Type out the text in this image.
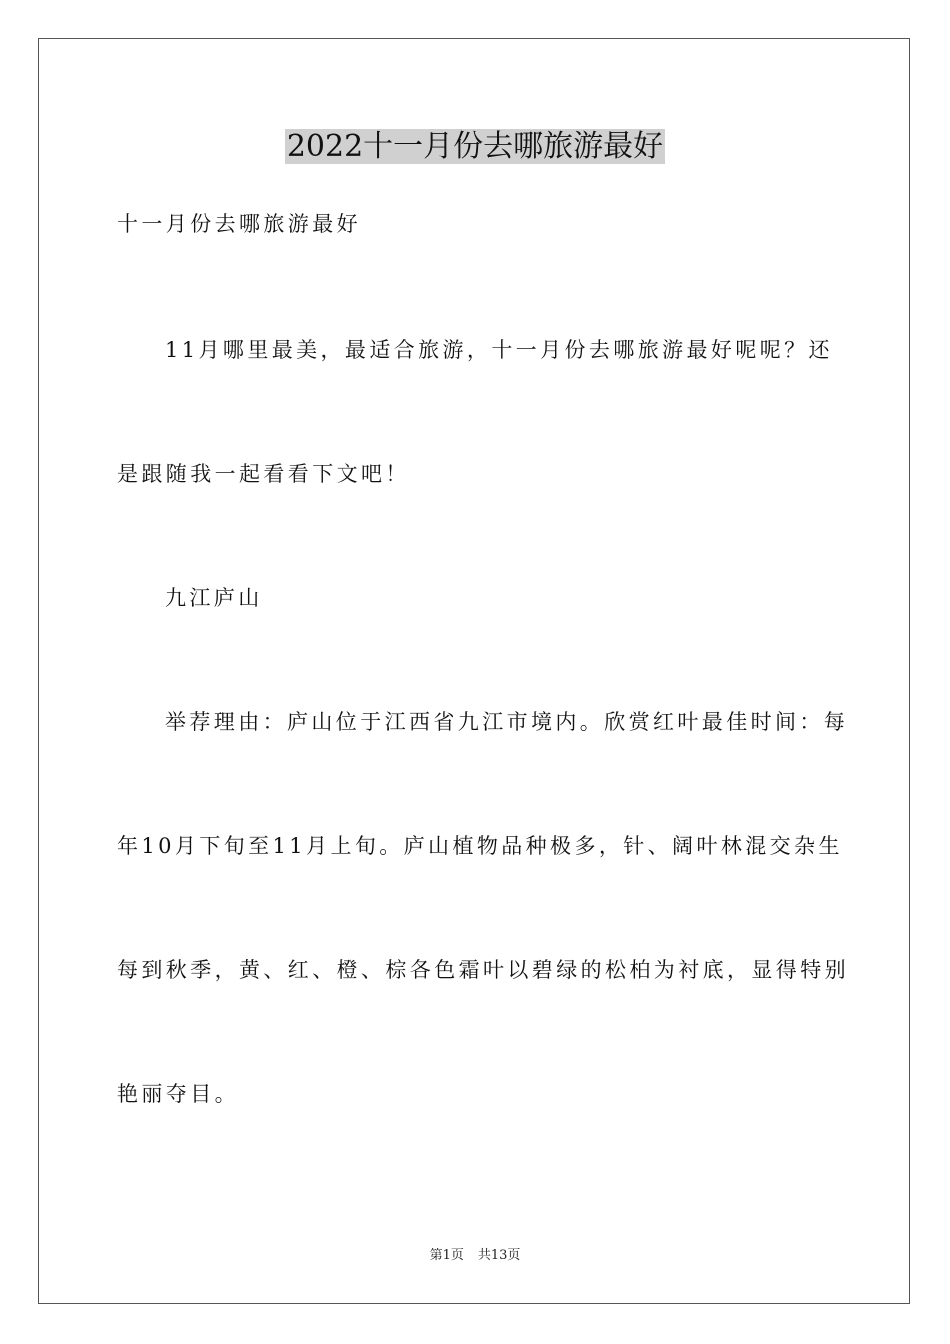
2022十一月份去哪旅游最好
十一月份去哪旅游最好
11月哪里最美，最适合旅游，十一月份去哪旅游最好呢呢？还
是跟随我一起看看下文吧！
九江庐山
举荐理由：庐山位于江西省九江市境内。欣赏红叶最佳时间：每
年10月下旬至11月上旬。庐山植物品种极多，针、阔叶林混交杂生
每到秋季，黄、红、橙、棕各色霜叶以碧绿的松柏为衬底，显得特别
艳丽夺目。
第1页 共13页
